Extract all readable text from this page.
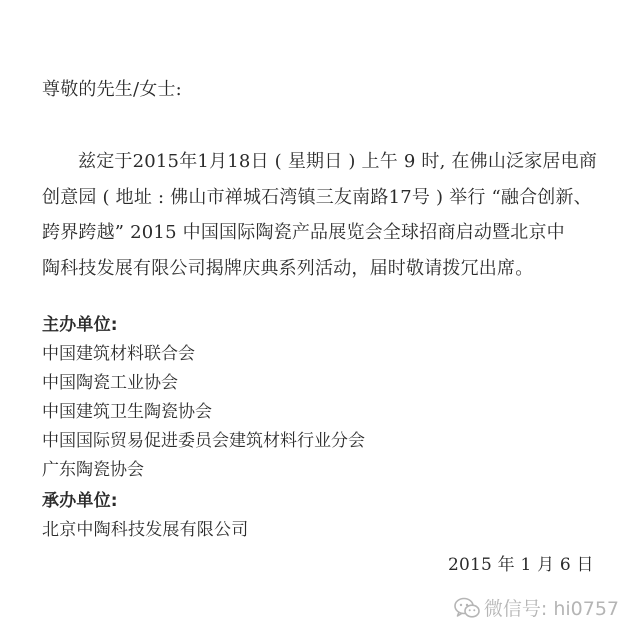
尊敬的先生/女士:
兹定于2015年1月18日 ( 星期日 ) 上午 9 时, 在佛山泛家居电商
创意园 ( 地址 : 佛山市禅城石湾镇三友南路17号 ) 举行 “融合创新、
跨界跨越” 2015 中国国际陶瓷产品展览会全球招商启动暨北京中
陶科技发展有限公司揭牌庆典系列活动，届时敬请拨冗出席。
主办单位:
中国建筑材料联合会
中国陶瓷工业协会
中国建筑卫生陶瓷协会
中国国际贸易促进委员会建筑材料行业分会
广东陶瓷协会
承办单位:
北京中陶科技发展有限公司
2015 年 1 月 6 日
微信号: hi0757
